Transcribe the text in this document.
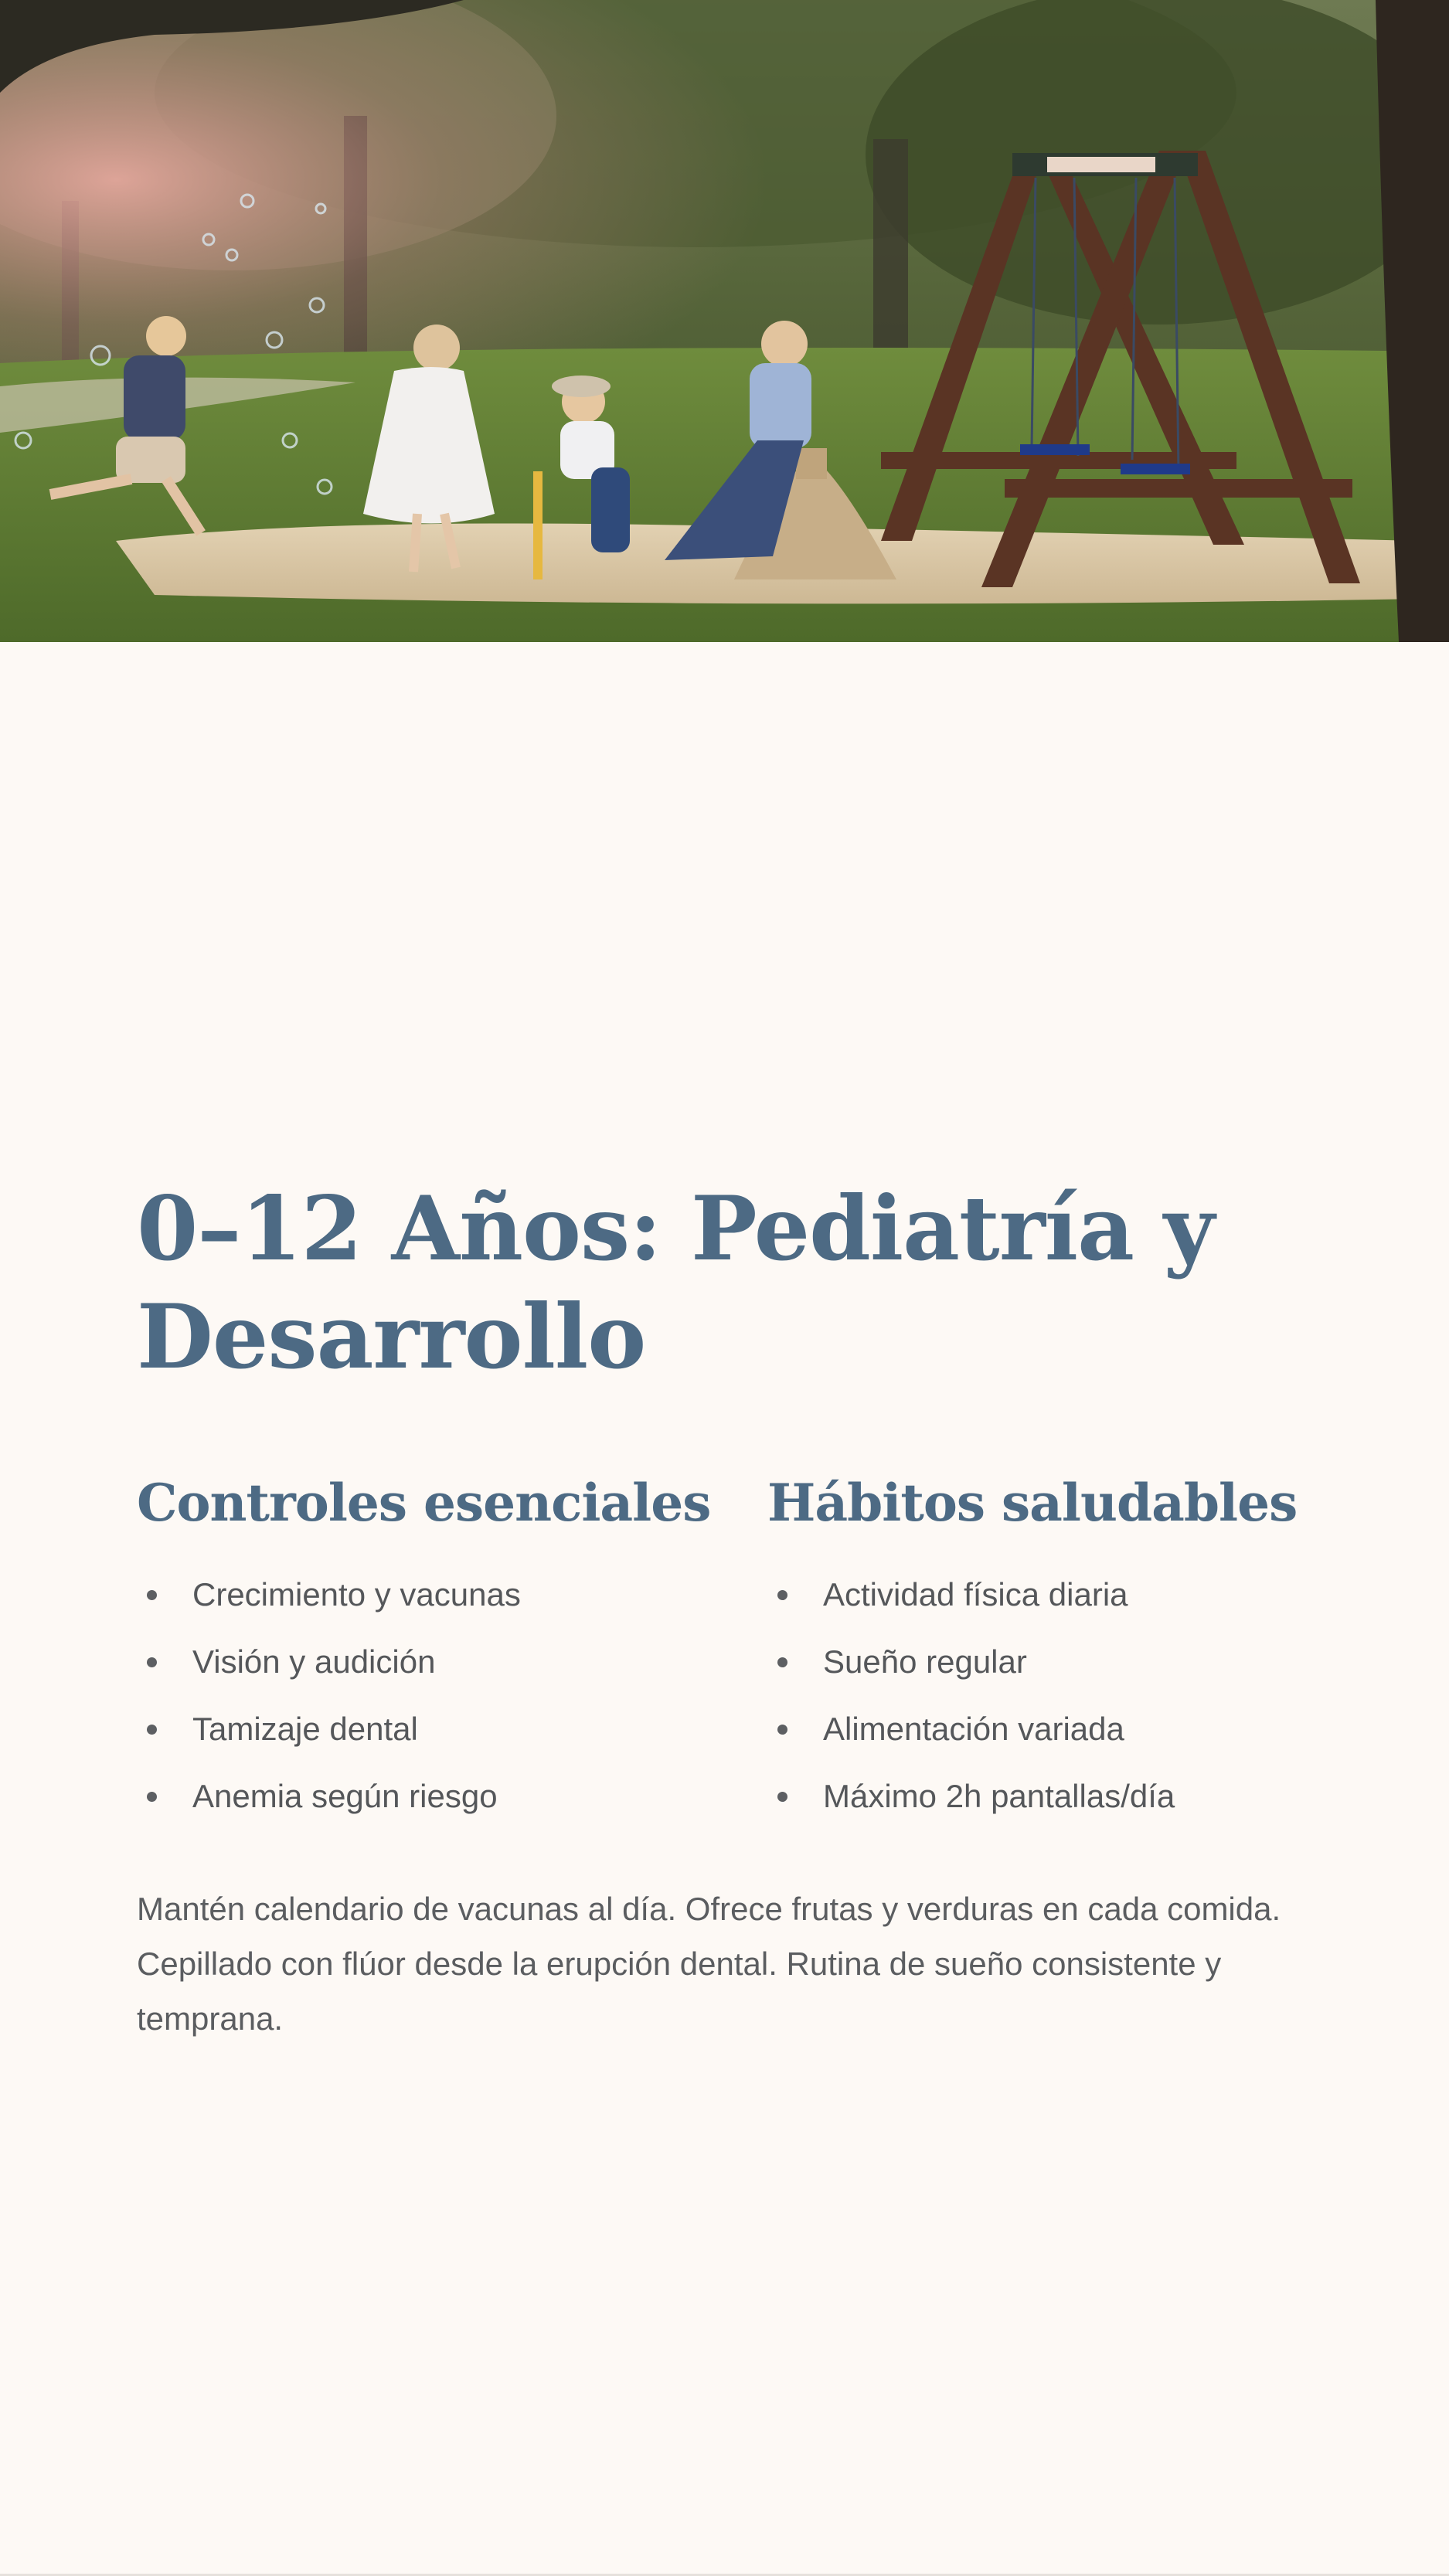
0–12 Años: Pediatría y Desarrollo
Controles esenciales
Crecimiento y vacunas
Visión y audición
Tamizaje dental
Anemia según riesgo
Hábitos saludables
Actividad física diaria
Sueño regular
Alimentación variada
Máximo 2h pantallas/día

Mantén calendario de vacunas al día. Ofrece frutas y verduras en cada comida. Cepillado con flúor desde la erupción dental. Rutina de sueño consistente y temprana.
